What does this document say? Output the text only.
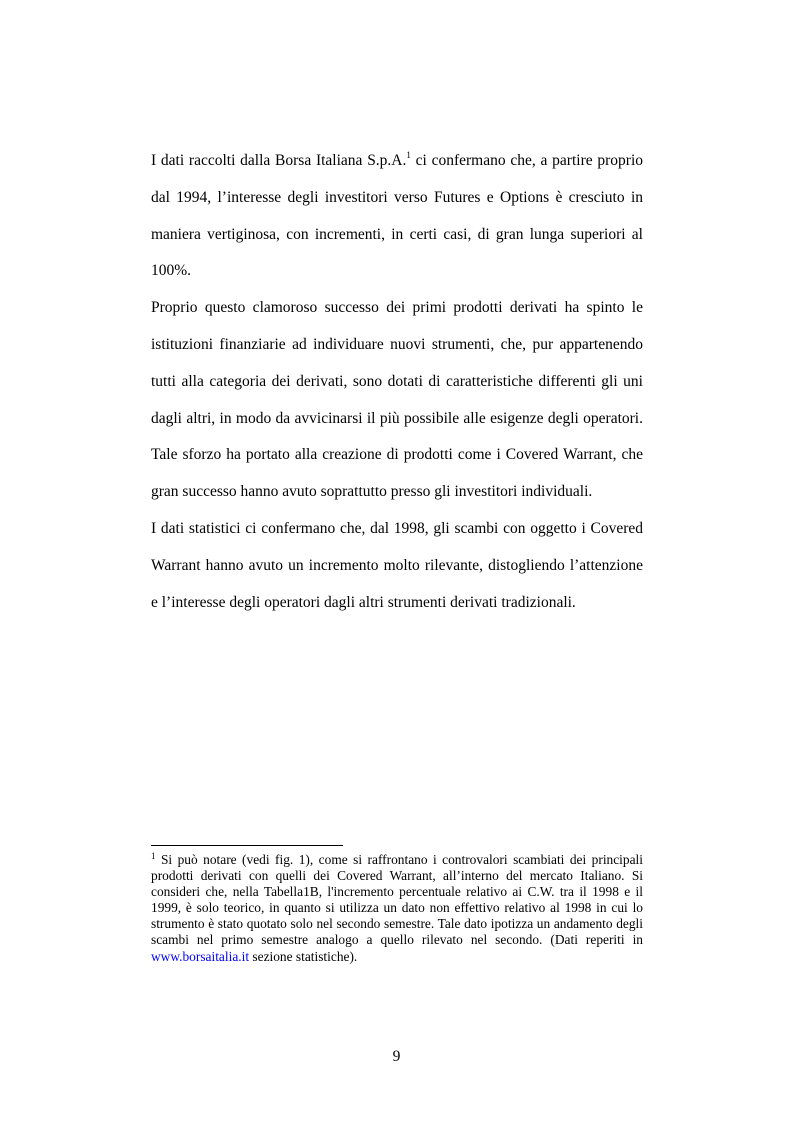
I dati raccolti dalla Borsa Italiana S.p.A.$^1$ ci confermano che, a partire proprio dal 1994, l’interesse degli investitori verso Futures e Options è cresciuto in maniera vertiginosa, con incrementi, in certi casi, di gran lunga superiori al 100%.

Proprio questo clamoroso successo dei primi prodotti derivati ha spinto le istituzioni finanziarie ad individuare nuovi strumenti, che, pur appartenendo tutti alla categoria dei derivati, sono dotati di caratteristiche differenti gli uni dagli altri, in modo da avvicinarsi il più possibile alle esigenze degli operatori. Tale sforzo ha portato alla creazione di prodotti come i Covered Warrant, che gran successo hanno avuto soprattutto presso gli investitori individuali.

I dati statistici ci confermano che, dal 1998, gli scambi con oggetto i Covered Warrant hanno avuto un incremento molto rilevante, distogliendo l’attenzione e l’interesse degli operatori dagli altri strumenti derivati tradizionali.

$^1$ Si può notare (vedi fig. 1), come si raffrontano i controvalori scambiati dei principali prodotti derivati con quelli dei Covered Warrant, all’interno del mercato Italiano. Si consideri che, nella Tabella1B, l'incremento percentuale relativo ai C.W. tra il 1998 e il 1999, è solo teorico, in quanto si utilizza un dato non effettivo relativo al 1998 in cui lo strumento è stato quotato solo nel secondo semestre. Tale dato ipotizza un andamento degli scambi nel primo semestre analogo a quello rilevato nel secondo. (Dati reperiti in www.borsaitalia.it sezione statistiche).
9
